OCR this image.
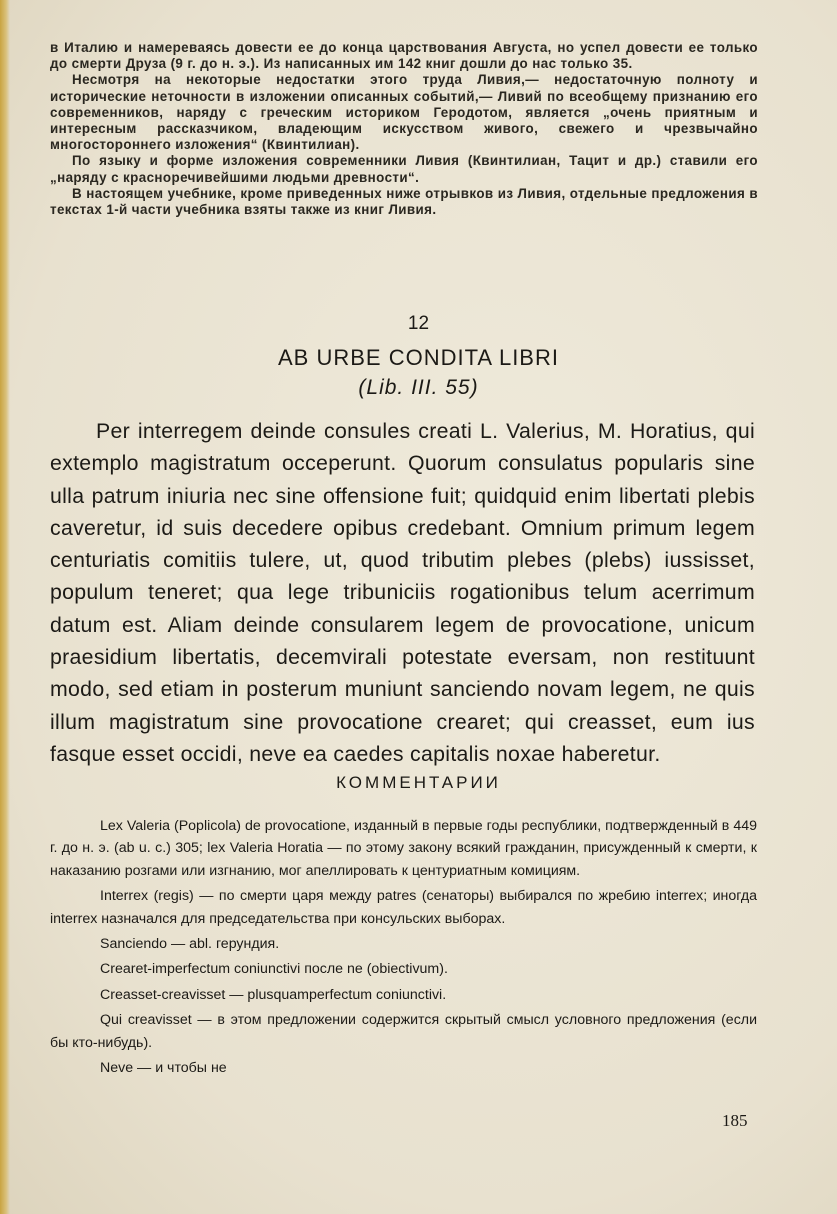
в Италию и намереваясь довести ее до конца царствования Августа, но успел довести ее только до смерти Друза (9 г. до н. э.). Из написанных им 142 книг дошли до нас только 35.

Несмотря на некоторые недостатки этого труда Ливия,— недостаточную полноту и исторические неточности в изложении описанных событий,— Ливий по всеобщему признанию его современников, наряду с греческим историком Геродотом, является „очень приятным и интересным рассказчиком, владеющим искусством живого, свежего и чрезвычайно многостороннего изложения“ (Квинтилиан).

По языку и форме изложения современники Ливия (Квинтилиан, Тацит и др.) ставили его „наряду с красноречивейшими людьми древности“.

В настоящем учебнике, кроме приведенных ниже отрывков из Ливия, отдельные предложения в текстах 1-й части учебника взяты также из книг Ливия.

12
AB URBE CONDITA LIBRI
(Lib. III. 55)

Per interregem deinde consules creati L. Valerius, M. Horatius, qui extemplo magistratum occeperunt. Quorum consulatus popularis sine ulla patrum iniuria nec sine offensione fuit; quidquid enim libertati plebis caveretur, id suis decedere opibus credebant. Omnium primum legem centuriatis comitiis tulere, ut, quod tributim plebes (plebs) iussisset, populum teneret; qua lege tribuniciis rogationibus telum acerrimum datum est. Aliam deinde consularem legem de provocatione, unicum praesidium libertatis, decemvirali potestate eversam, non restituunt modo, sed etiam in posterum muniunt sanciendo novam legem, ne quis illum magistratum sine provocatione crearet; qui creasset, eum ius fasque esset occidi, neve ea caedes capitalis noxae haberetur.

КОММЕНТАРИИ

Lex Valeria (Poplicola) de provocatione, изданный в первые годы республики, подтвержденный в 449 г. до н. э. (ab u. c.) 305; lex Valeria Horatia — по этому закону всякий гражданин, присужденный к смерти, к наказанию розгами или изгнанию, мог апеллировать к центуриатным комициям.

Interrex (regis) — по смерти царя между patres (сенаторы) выбирался по жребию interrex; иногда interrex назначался для председательства при консульских выборах.

Sanciendo — abl. герундия.

Crearet-imperfectum coniunctivi после ne (obiectivum).

Creasset-creavisset — plusquamperfectum coniunctivi.

Qui creavisset — в этом предложении содержится скрытый смысл условного предложения (если бы кто-нибудь).

Neve — и чтобы не

185
